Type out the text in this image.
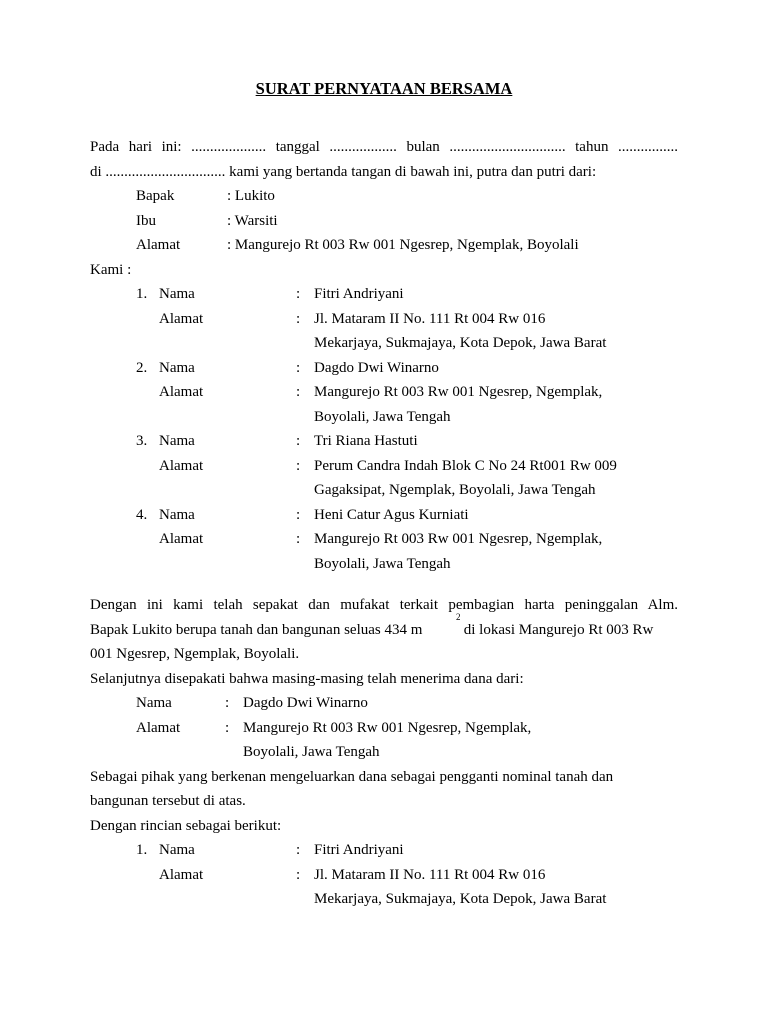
SURAT PERNYATAAN BERSAMA
Pada hari ini: .................... tanggal .................. bulan ............................... tahun ................
di ................................ kami yang bertanda tangan di bawah ini, putra dan putri dari:
Bapak	: Lukito
Ibu	: Warsiti
Alamat	: Mangurejo Rt 003 Rw 001 Ngesrep, Ngemplak, Boyolali
Kami :
1. Nama	: Fitri Andriyani
Alamat	: Jl. Mataram II No. 111 Rt 004 Rw 016
Mekarjaya, Sukmajaya, Kota Depok, Jawa Barat
2. Nama	: Dagdo Dwi Winarno
Alamat	: Mangurejo Rt 003 Rw 001 Ngesrep, Ngemplak,
Boyolali, Jawa Tengah
3. Nama	: Tri Riana Hastuti
Alamat	: Perum Candra Indah Blok C No 24 Rt001 Rw 009
Gagaksipat, Ngemplak, Boyolali, Jawa Tengah
4. Nama	: Heni Catur Agus Kurniati
Alamat	: Mangurejo Rt 003 Rw 001 Ngesrep, Ngemplak,
Boyolali, Jawa Tengah
Dengan ini kami telah sepakat dan mufakat terkait pembagian harta peninggalan Alm.
Bapak Lukito berupa tanah dan bangunan seluas 434 m
2
di lokasi Mangurejo Rt 003 Rw
001 Ngesrep, Ngemplak, Boyolali.
Selanjutnya disepakati bahwa masing-masing telah menerima dana dari:
Nama	: Dagdo Dwi Winarno
Alamat	: Mangurejo Rt 003 Rw 001 Ngesrep, Ngemplak,
Boyolali, Jawa Tengah
Sebagai pihak yang berkenan mengeluarkan dana sebagai pengganti nominal tanah dan
bangunan tersebut di atas.
Dengan rincian sebagai berikut:
1. Nama	: Fitri Andriyani
Alamat	: Jl. Mataram II No. 111 Rt 004 Rw 016
Mekarjaya, Sukmajaya, Kota Depok, Jawa Barat
